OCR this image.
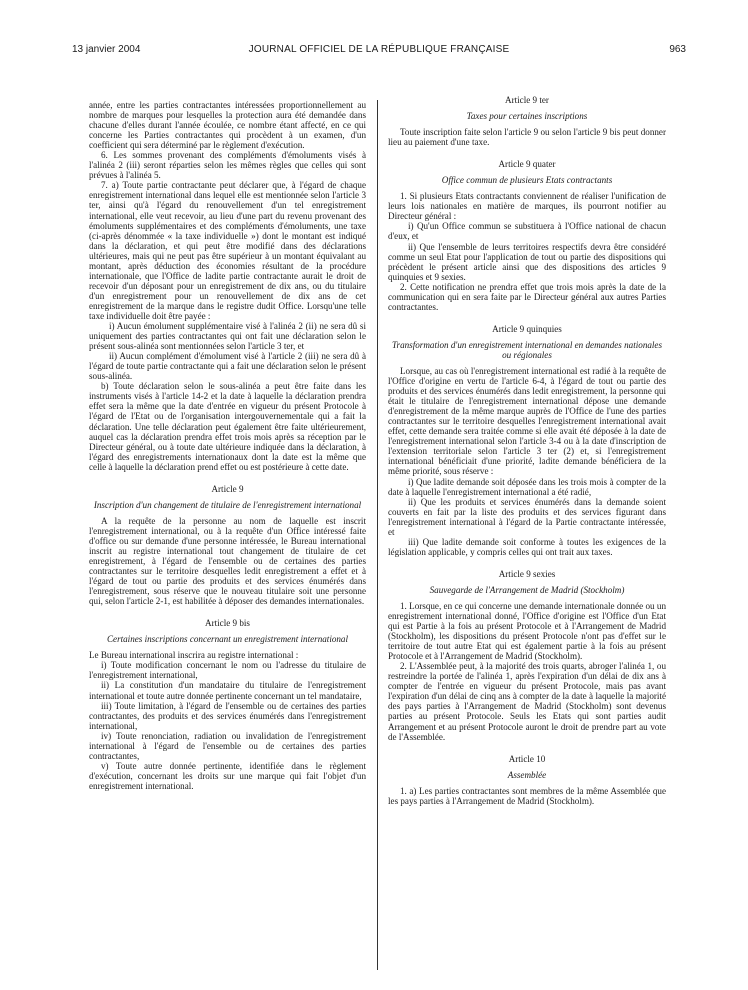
13 janvier 2004	JOURNAL OFFICIEL DE LA RÉPUBLIQUE FRANÇAISE	963

année, entre les parties contractantes intéressées proportionnellement au nombre de marques pour lesquelles la protection aura été demandée dans chacune d'elles durant l'année écoulée, ce nombre étant affecté, en ce qui concerne les Parties contractantes qui procèdent à un examen, d'un coefficient qui sera déterminé par le règlement d'exécution.

6. Les sommes provenant des compléments d'émoluments visés à l'alinéa 2 (iii) seront réparties selon les mêmes règles que celles qui sont prévues à l'alinéa 5.

7. a) Toute partie contractante peut déclarer que, à l'égard de chaque enregistrement international dans lequel elle est mentionnée selon l'article 3 ter, ainsi qu'à l'égard du renouvellement d'un tel enregistrement international, elle veut recevoir, au lieu d'une part du revenu provenant des émoluments supplémentaires et des compléments d'émoluments, une taxe (ci-après dénommée « la taxe individuelle ») dont le montant est indiqué dans la déclaration, et qui peut être modifié dans des déclarations ultérieures, mais qui ne peut pas être supérieur à un montant équivalant au montant, après déduction des économies résultant de la procédure internationale, que l'Office de ladite partie contractante aurait le droit de recevoir d'un déposant pour un enregistrement de dix ans, ou du titulaire d'un enregistrement pour un renouvellement de dix ans de cet enregistrement de la marque dans le registre dudit Office. Lorsqu'une telle taxe individuelle doit être payée :

i) Aucun émolument supplémentaire visé à l'alinéa 2 (ii) ne sera dû si uniquement des parties contractantes qui ont fait une déclaration selon le présent sous-alinéa sont mentionnées selon l'article 3 ter, et

ii) Aucun complément d'émolument visé à l'article 2 (iii) ne sera dû à l'égard de toute partie contractante qui a fait une déclaration selon le présent sous-alinéa.

b) Toute déclaration selon le sous-alinéa a peut être faite dans les instruments visés à l'article 14-2 et la date à laquelle la déclaration prendra effet sera la même que la date d'entrée en vigueur du présent Protocole à l'égard de l'Etat ou de l'organisation intergouvernementale qui a fait la déclaration. Une telle déclaration peut également être faite ultérieurement, auquel cas la déclaration prendra effet trois mois après sa réception par le Directeur général, ou à toute date ultérieure indiquée dans la déclaration, à l'égard des enregistrements internationaux dont la date est la même que celle à laquelle la déclaration prend effet ou est postérieure à cette date.

Article 9

Inscription d'un changement de titulaire de l'enregistrement international

A la requête de la personne au nom de laquelle est inscrit l'enregistrement international, ou à la requête d'un Office intéressé faite d'office ou sur demande d'une personne intéressée, le Bureau international inscrit au registre international tout changement de titulaire de cet enregistrement, à l'égard de l'ensemble ou de certaines des parties contractantes sur le territoire desquelles ledit enregistrement a effet et à l'égard de tout ou partie des produits et des services énumérés dans l'enregistrement, sous réserve que le nouveau titulaire soit une personne qui, selon l'article 2-1, est habilitée à déposer des demandes internationales.

Article 9 bis

Certaines inscriptions concernant un enregistrement international

Le Bureau international inscrira au registre international :

i) Toute modification concernant le nom ou l'adresse du titulaire de l'enregistrement international,

ii) La constitution d'un mandataire du titulaire de l'enregistrement international et toute autre donnée pertinente concernant un tel mandataire,

iii) Toute limitation, à l'égard de l'ensemble ou de certaines des parties contractantes, des produits et des services énumérés dans l'enregistrement international,

iv) Toute renonciation, radiation ou invalidation de l'enregistrement international à l'égard de l'ensemble ou de certaines des parties contractantes,

v) Toute autre donnée pertinente, identifiée dans le règlement d'exécution, concernant les droits sur une marque qui fait l'objet d'un enregistrement international.

Article 9 ter

Taxes pour certaines inscriptions

Toute inscription faite selon l'article 9 ou selon l'article 9 bis peut donner lieu au paiement d'une taxe.

Article 9 quater

Office commun de plusieurs Etats contractants

1. Si plusieurs Etats contractants conviennent de réaliser l'unification de leurs lois nationales en matière de marques, ils pourront notifier au Directeur général :

i) Qu'un Office commun se substituera à l'Office national de chacun d'eux, et

ii) Que l'ensemble de leurs territoires respectifs devra être considéré comme un seul Etat pour l'application de tout ou partie des dispositions qui précèdent le présent article ainsi que des dispositions des articles 9 quinquies et 9 sexies.

2. Cette notification ne prendra effet que trois mois après la date de la communication qui en sera faite par le Directeur général aux autres Parties contractantes.

Article 9 quinquies

Transformation d'un enregistrement international en demandes nationales ou régionales

Lorsque, au cas où l'enregistrement international est radié à la requête de l'Office d'origine en vertu de l'article 6-4, à l'égard de tout ou partie des produits et des services énumérés dans ledit enregistrement, la personne qui était le titulaire de l'enregistrement international dépose une demande d'enregistrement de la même marque auprès de l'Office de l'une des parties contractantes sur le territoire desquelles l'enregistrement international avait effet, cette demande sera traitée comme si elle avait été déposée à la date de l'enregistrement international selon l'article 3-4 ou à la date d'inscription de l'extension territoriale selon l'article 3 ter (2) et, si l'enregistrement international bénéficiait d'une priorité, ladite demande bénéficiera de la même priorité, sous réserve :

i) Que ladite demande soit déposée dans les trois mois à compter de la date à laquelle l'enregistrement international a été radié,

ii) Que les produits et services énumérés dans la demande soient couverts en fait par la liste des produits et des services figurant dans l'enregistrement international à l'égard de la Partie contractante intéressée, et

iii) Que ladite demande soit conforme à toutes les exigences de la législation applicable, y compris celles qui ont trait aux taxes.

Article 9 sexies

Sauvegarde de l'Arrangement de Madrid (Stockholm)

1. Lorsque, en ce qui concerne une demande internationale donnée ou un enregistrement international donné, l'Office d'origine est l'Office d'un Etat qui est Partie à la fois au présent Protocole et à l'Arrangement de Madrid (Stockholm), les dispositions du présent Protocole n'ont pas d'effet sur le territoire de tout autre Etat qui est également partie à la fois au présent Protocole et à l'Arrangement de Madrid (Stockholm).

2. L'Assemblée peut, à la majorité des trois quarts, abroger l'alinéa 1, ou restreindre la portée de l'alinéa 1, après l'expiration d'un délai de dix ans à compter de l'entrée en vigueur du présent Protocole, mais pas avant l'expiration d'un délai de cinq ans à compter de la date à laquelle la majorité des pays parties à l'Arrangement de Madrid (Stockholm) sont devenus parties au présent Protocole. Seuls les Etats qui sont parties audit Arrangement et au présent Protocole auront le droit de prendre part au vote de l'Assemblée.

Article 10

Assemblée

1. a) Les parties contractantes sont membres de la même Assemblée que les pays parties à l'Arrangement de Madrid (Stockholm).
